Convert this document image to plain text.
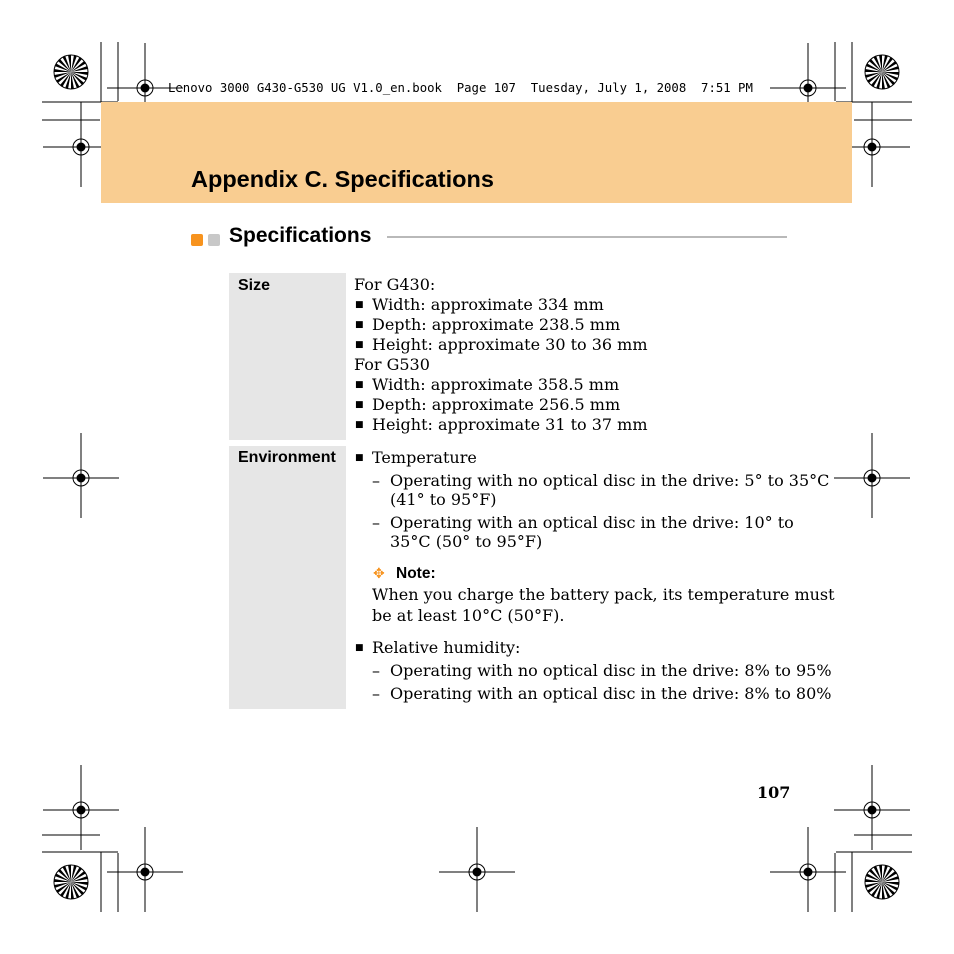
Lenovo 3000 G430-G530 UG V1.0_en.book  Page 107  Tuesday, July 1, 2008  7:51 PM
Appendix C. Specifications
Specifications
Size	For G430:
■ Width: approximate 334 mm
■ Depth: approximate 238.5 mm
■ Height: approximate 30 to 36 mm
For G530
■ Width: approximate 358.5 mm
■ Depth: approximate 256.5 mm
■ Height: approximate 31 to 37 mm
Environment ■ Temperature
– Operating with no optical disc in the drive: 5° to 35°C
(41° to 95°F)
– Operating with an optical disc in the drive: 10° to
35°C (50° to 95°F)
✥ Note:
When you charge the battery pack, its temperature must
be at least 10°C (50°F).
■ Relative humidity:
– Operating with no optical disc in the drive: 8% to 95%
– Operating with an optical disc in the drive: 8% to 80%
107
